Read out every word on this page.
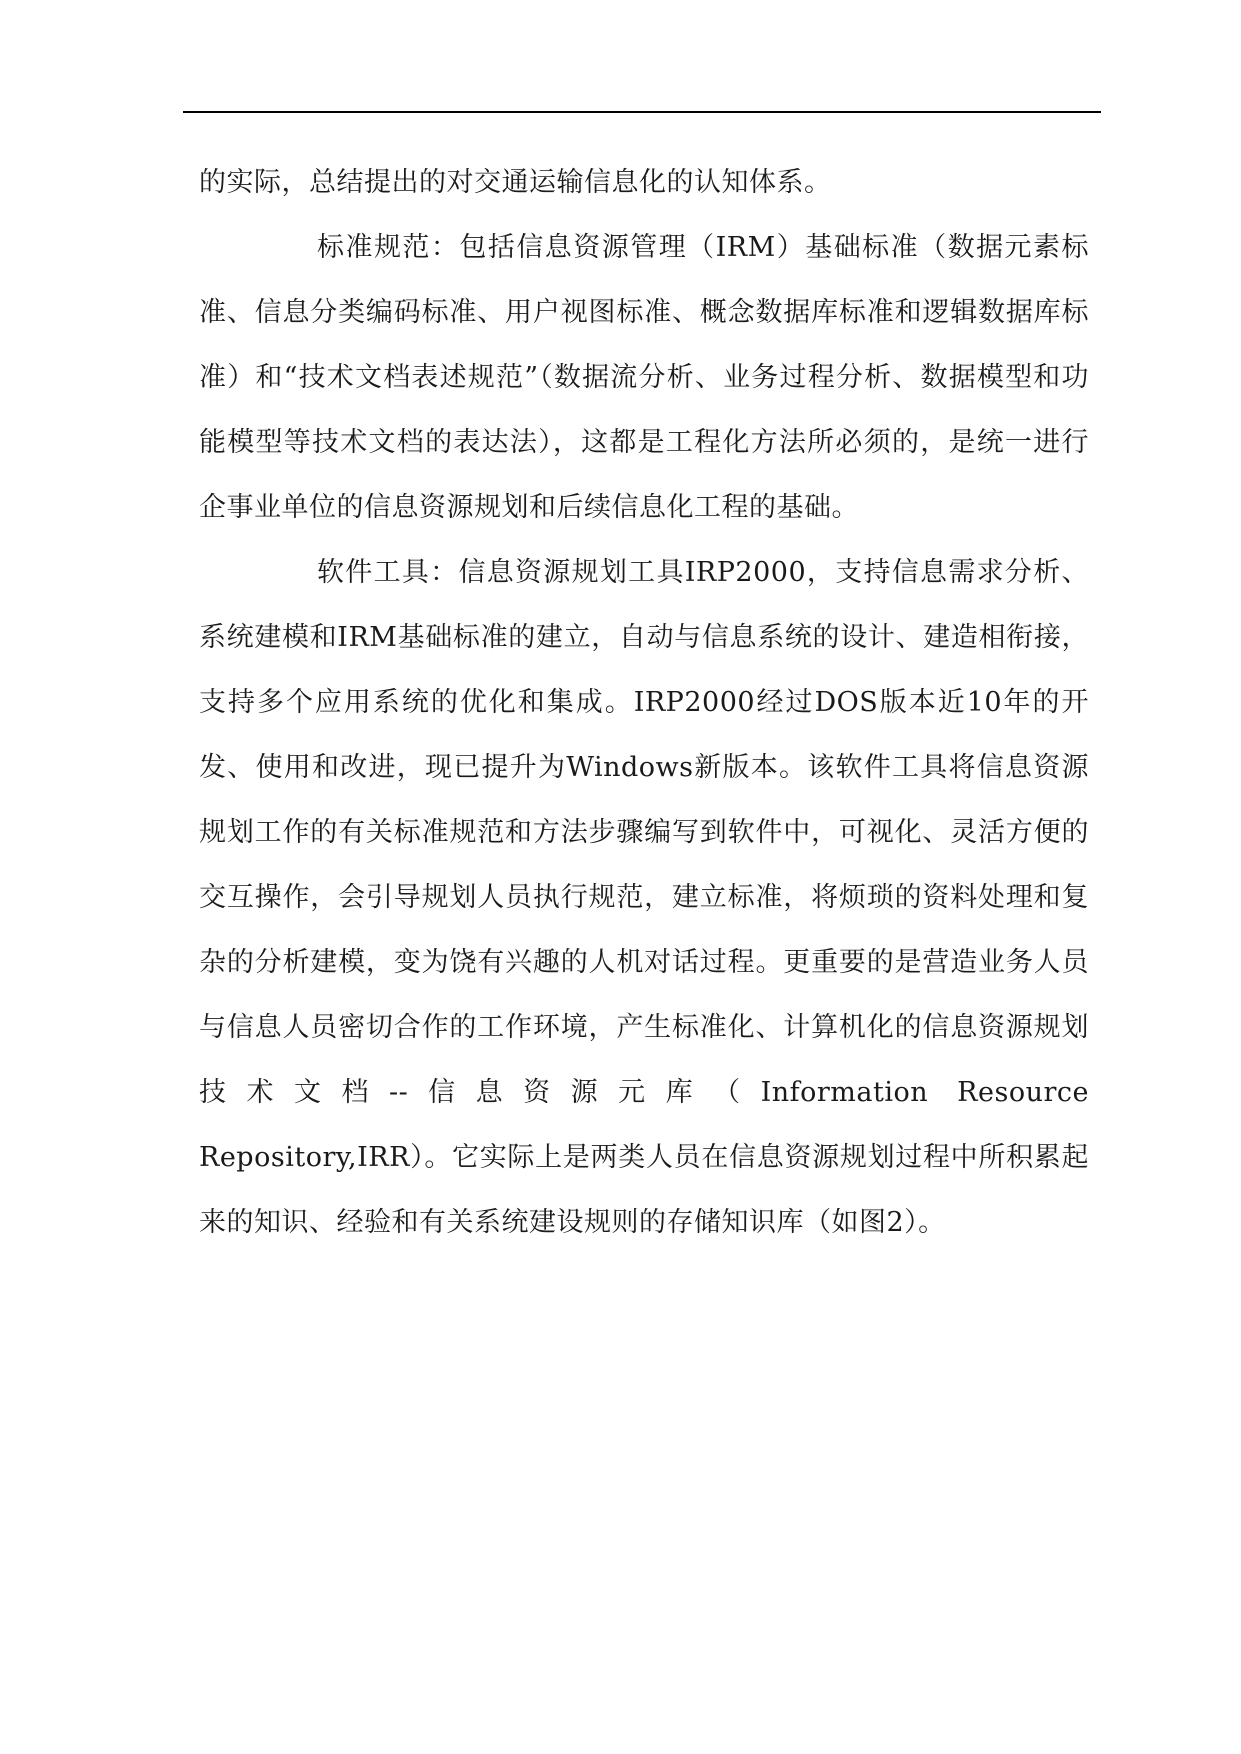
的实际，总结提出的对交通运输信息化的认知体系。

标准规范：包括信息资源管理（IRM）基础标准（数据元素标准、信息分类编码标准、用户视图标准、概念数据库标准和逻辑数据库标准）和“技术文档表述规范”（数据流分析、业务过程分析、数据模型和功能模型等技术文档的表达法），这都是工程化方法所必须的，是统一进行企事业单位的信息资源规划和后续信息化工程的基础。

软件工具：信息资源规划工具IRP2000，支持信息需求分析、系统建模和IRM基础标准的建立，自动与信息系统的设计、建造相衔接，支持多个应用系统的优化和集成。IRP2000经过DOS版本近10年的开发、使用和改进，现已提升为Windows新版本。该软件工具将信息资源规划工作的有关标准规范和方法步骤编写到软件中，可视化、灵活方便的交互操作，会引导规划人员执行规范，建立标准，将烦琐的资料处理和复杂的分析建模，变为饶有兴趣的人机对话过程。更重要的是营造业务人员与信息人员密切合作的工作环境，产生标准化、计算机化的信息资源规划技术文档--信息资源元库（Information Resource Repository,IRR）。它实际上是两类人员在信息资源规划过程中所积累起来的知识、经验和有关系统建设规则的存储知识库（如图2）。
